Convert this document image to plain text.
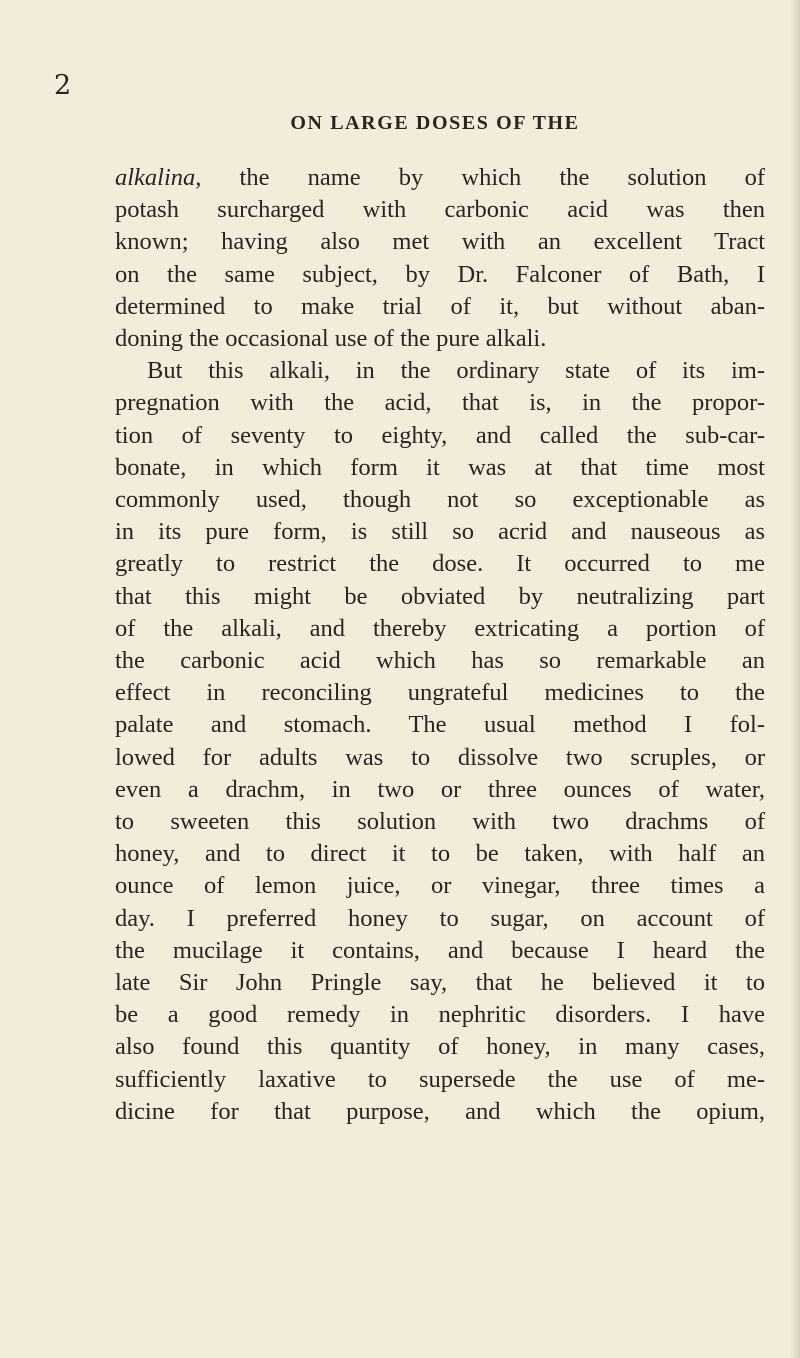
2
ON LARGE DOSES OF THE
alkalina, the name by which the solution of
potash surcharged with carbonic acid was then
known; having also met with an excellent Tract
on the same subject, by Dr. Falconer of Bath, I
determined to make trial of it, but without aban-
doning the occasional use of the pure alkali.
But this alkali, in the ordinary state of its im-
pregnation with the acid, that is, in the propor-
tion of seventy to eighty, and called the sub-car-
bonate, in which form it was at that time most
commonly used, though not so exceptionable as
in its pure form, is still so acrid and nauseous as
greatly to restrict the dose. It occurred to me
that this might be obviated by neutralizing part
of the alkali, and thereby extricating a portion of
the carbonic acid which has so remarkable an
effect in reconciling ungrateful medicines to the
palate and stomach. The usual method I fol-
lowed for adults was to dissolve two scruples, or
even a drachm, in two or three ounces of water,
to sweeten this solution with two drachms of
honey, and to direct it to be taken, with half an
ounce of lemon juice, or vinegar, three times a
day. I preferred honey to sugar, on account of
the mucilage it contains, and because I heard the
late Sir John Pringle say, that he believed it to
be a good remedy in nephritic disorders. I have
also found this quantity of honey, in many cases,
sufficiently laxative to supersede the use of me-
dicine for that purpose, and which the opium,
